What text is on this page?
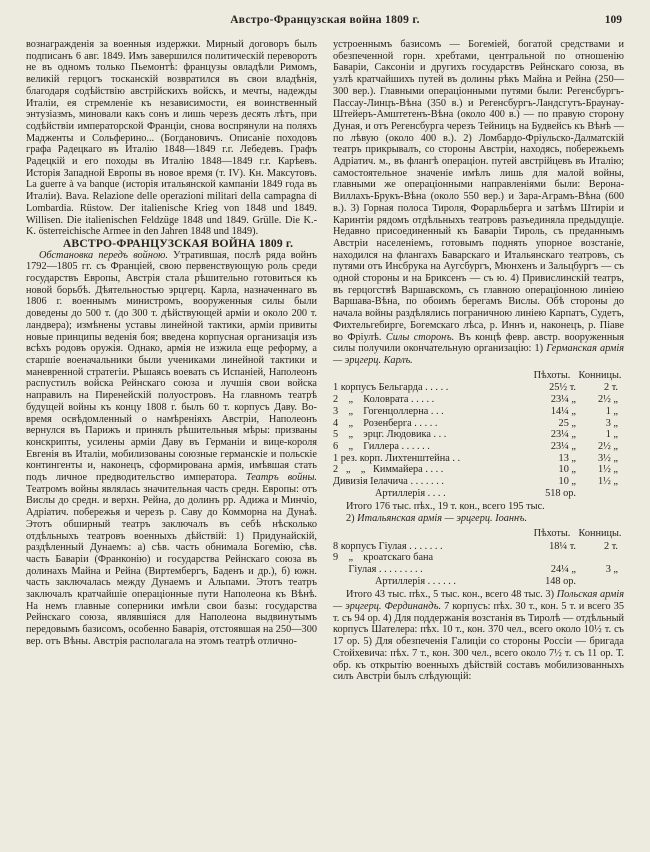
Австро-Французская война 1809 г.	109

вознагражденія за военныя издержки. Мирный договоръ былъ подписанъ 6 авг. 1849. Имъ завершился политическій переворотъ не въ одномъ только Пьемонтѣ: французы овладѣли Римомъ, великій герцогъ тосканскій возвратился въ свои владѣнія, благодаря содѣйствію австрійскихъ войскъ, и мечты, надежды Италіи, ея стремленіе къ независимости, ея воинственный энтузіазмъ, миновали какъ сонъ и лишь черезъ десять лѣтъ, при содѣйствіи императорской Франціи, снова воспрянули на поляхъ Мадженты и Сольферино... (Богдановичъ. Описаніе походовъ графа Радецкаго въ Италію 1848—1849 г.г. Лебедевъ. Графъ Радецкій и его походы въ Италію 1848—1849 г.г. Карѣевъ. Исторія Западной Европы въ новое время (т. IV). Кн. Максутовъ. La guerre à va banque (исторія итальянской кампаніи 1849 года въ Италіи). Bava. Relazione delle operazioni militari della campagna di Lombardia. Rüstow. Der italienische Krieg von 1848 und 1849. Willisen. Die italienischen Feldzüge 1848 und 1849. Grülle. Die K.-K. österreichische Armee in den Jahren 1848 und 1849).

АВСТРО-ФРАНЦУЗСКАЯ ВОЙНА 1809 г.

Обстановка передъ войною. Утратившая, послѣ ряда войнъ 1792—1805 гг. съ Франціей, свою первенствующую роль среди государствъ Европы, Австрія стала рѣшительно готовиться къ новой борьбѣ. Дѣятельностью эрцгерц. Карла, назначеннаго въ 1806 г. военнымъ министромъ, вооруженныя силы были доведены до 500 т. (до 300 т. дѣйствующей арміи и около 200 т. ландвера); измѣнены уставы линейной тактики, арміи привиты новые принципы веденія боя; введена корпусная организація изъ всѣхъ родовъ оружія. Однако, армія не изжила еще реформу, а старшіе военачальники были учениками линейной тактики и маневренной стратегіи. Рѣшаясь воевать съ Испаніей, Наполеонъ распустилъ войска Рейнскаго союза и лучшія свои войска направилъ на Пиренейскій полуостровъ. На главномъ театрѣ будущей войны къ концу 1808 г. былъ 60 т. корпусъ Даву. Во-время освѣдомленный о намѣреніяхъ Австріи, Наполеонъ вернулся въ Парижъ и принялъ рѣшительныя мѣры: призваны конскрипты, усилены арміи Даву въ Германіи и вице-короля Евгенія въ Италіи, мобилизованы союзные германскіе и польскіе контингенты и, наконецъ, сформирована армія, имѣвшая стать подъ личное предводительство императора. Театръ войны. Театромъ войны являлась значительная часть средн. Европы: отъ Вислы до средн. и верхн. Рейна, до долинъ рр. Адижа и Минчіо, Адріатич. побережья и черезъ р. Саву до Комморна на Дунаѣ. Этотъ обширный театръ заключалъ въ себѣ нѣсколько отдѣльныхъ театровъ военныхъ дѣйствій: 1) Придунайскій, раздѣленный Дунаемъ: а) сѣв. часть обнимала Богемію, сѣв. часть Баваріи (Франконію) и государства Рейнскаго союза въ долинахъ Майна и Рейна (Виртембергъ, Баденъ и др.), б) южн. часть заключалась между Дунаемъ и Альпами. Этотъ театръ заключалъ кратчайшіе операціонные пути Наполеона къ Вѣнѣ. На немъ главные соперники имѣли свои базы: государства Рейнскаго союза, являвшіяся для Наполеона выдвинутымъ передовымъ базисомъ, особенно Баварія, отстоявшая на 250—300 вер. отъ Вѣны. Австрія располагала на этомъ театрѣ отлично-

устроеннымъ базисомъ — Богеміей, богатой средствами и обезпеченной горн. хребтами, центральной по отношенію Баваріи, Саксоніи и другихъ государствъ Рейнскаго союза, въ узлѣ кратчайшихъ путей въ долины рѣкъ Майна и Рейна (250—300 вер.). Главными операціонными путями были: Регенсбургъ-Пассау-Линцъ-Вѣна (350 в.) и Регенсбургъ-Ландсгутъ-Браунау-Штейеръ-Амштетенъ-Вѣна (около 400 в.) — по правую сторону Дуная, и отъ Регенсбурга черезъ Тейницъ на Будвейсъ къ Вѣнѣ — по лѣвую (около 400 в.). 2) Ломбардо-Фріульско-Далматскій театръ прикрывалъ, со стороны Австріи, находясь, побережьемъ Адріатич. м., въ флангѣ операціон. путей австрійцевъ въ Италію; самостоятельное значеніе имѣлъ лишь для малой войны, главными же операціонными направленіями были: Верона-Виллахъ-Брукъ-Вѣна (около 550 вер.) и Зара-Аграмъ-Вѣна (600 в.). 3) Горная полоса Тироля, Форарльберга и затѣмъ Штиріи и Каринтіи рядомъ отдѣльныхъ театровъ разъединяла предыдущіе. Недавно присоединенный къ Баваріи Тироль, съ преданнымъ Австріи населеніемъ, готовымъ поднять упорное возстаніе, находился на флангахъ Баварскаго и Итальянскаго театровъ, съ путями отъ Инсбрука на Аугсбургъ, Мюнхенъ и Зальцбургъ — съ одной стороны и на Бриксенъ — съ ю. 4) Привислинскій театръ, въ герцогствѣ Варшавскомъ, съ главною операціонною линіею Варшава-Вѣна, по обоимъ берегамъ Вислы. Обѣ стороны до начала войны раздѣлялись пограничною линіею Карпатъ, Судетъ, Фихтельгебирге, Богемскаго лѣса, р. Иннъ и, наконецъ, р. Піаве во Фріулѣ. Силы сторонъ. Въ концѣ февр. австр. вооруженныя силы получили окончательную организацію: 1) Германская армія — эрцгерц. Карлъ.

	Пѣхоты.	Конницы.
1 корпусъ Бельгарда . . . . .	25½ т.	2 т.
2    „    Коловрата . . . . .	23¼ „	2½ „
3    „    Гогенцоллерна . . .	14¼ „	1 „
4    „    Розенберга . . . . .	25 „	3 „
5    „    эрцг. Людовика . . .	23¼ „	1 „
6    „    Гиллера . . . . . .	23¼ „	2½ „
1 рез. корп. Лихтенштейна . .	13 „	3½ „
2   „    „   Киммайера . . . .	10 „	1½ „
Дивизія Іелачича . . . . . . .	10 „	1½ „
Артиллерія . . . .	518 ор.	

Итого 176 тыс. пѣх., 19 т. кон., всего 195 тыс.

2) Итальянская армія — эрцгерц. Іоаннъ.

	Пѣхоты.	Конницы.
8 корпусъ Гіулая . . . . . . .	18¼ т.	2 т.
9    „    кроатскаго бана		
Гіулая . . . . . . . . .	24¼ „	3 „
Артиллерія . . . . . .	148 ор.	

Итого 43 тыс. пѣх., 5 тыс. кон., всего 48 тыс. 3) Польская армія — эрцгерц. Фердинандъ. 7 корпусъ: пѣх. 30 т., кон. 5 т. и всего 35 т. съ 94 ор. 4) Для поддержанія возстанія въ Тиролѣ — отдѣльный корпусъ Шателера: пѣх. 10 т., кон. 370 чел., всего около 10½ т. съ 17 ор. 5) Для обезпеченія Галиціи со стороны Россіи — бригада Стойхевича: пѣх. 7 т., кон. 300 чел., всего около 7½ т. съ 11 ор. Т. обр. къ открытію военныхъ дѣйствій составъ мобилизованныхъ силъ Австріи былъ слѣдующій:
